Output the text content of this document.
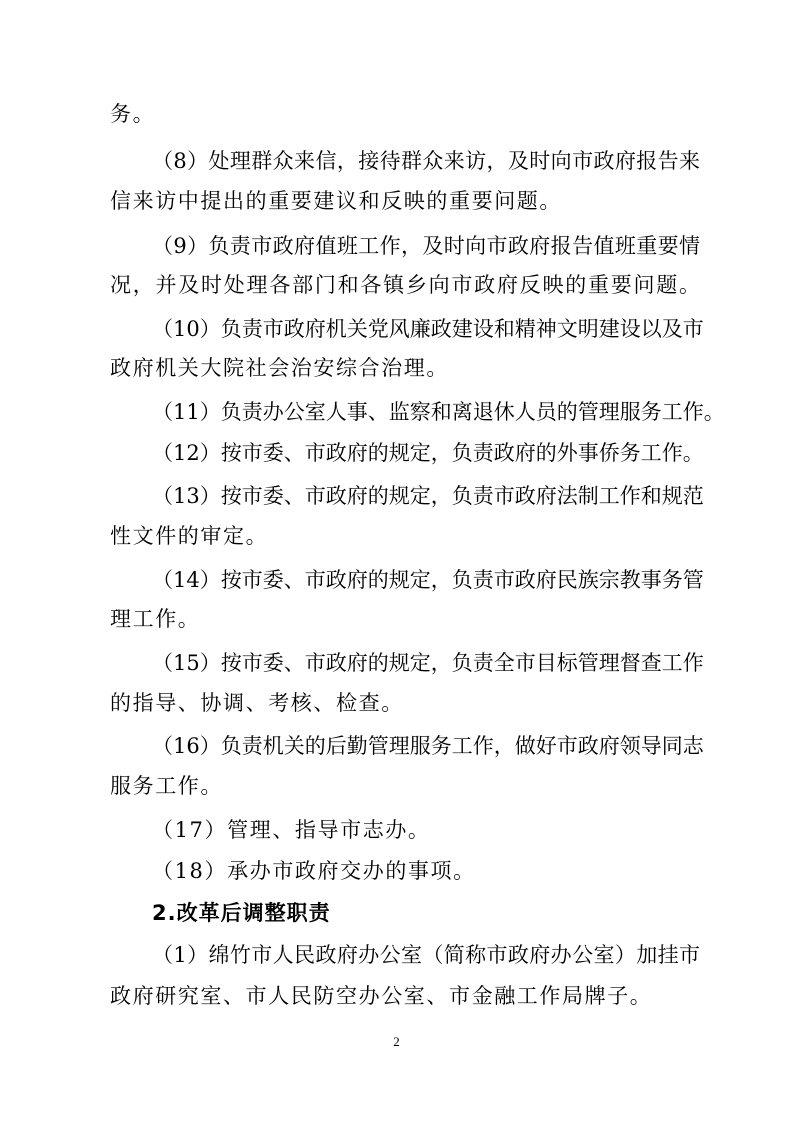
务。

（8）处理群众来信，接待群众来访，及时向市政府报告来

信来访中提出的重要建议和反映的重要问题。

（9）负责市政府值班工作，及时向市政府报告值班重要情

况，并及时处理各部门和各镇乡向市政府反映的重要问题。

（10）负责市政府机关党风廉政建设和精神文明建设以及市

政府机关大院社会治安综合治理。

（11）负责办公室人事、监察和离退休人员的管理服务工作。

（12）按市委、市政府的规定，负责政府的外事侨务工作。

（13）按市委、市政府的规定，负责市政府法制工作和规范

性文件的审定。

（14）按市委、市政府的规定，负责市政府民族宗教事务管

理工作。

（15）按市委、市政府的规定，负责全市目标管理督查工作

的指导、协调、考核、检查。

（16）负责机关的后勤管理服务工作，做好市政府领导同志

服务工作。

（17）管理、指导市志办。

（18）承办市政府交办的事项。

2.改革后调整职责

（1）绵竹市人民政府办公室（简称市政府办公室）加挂市

政府研究室、市人民防空办公室、市金融工作局牌子。

2
